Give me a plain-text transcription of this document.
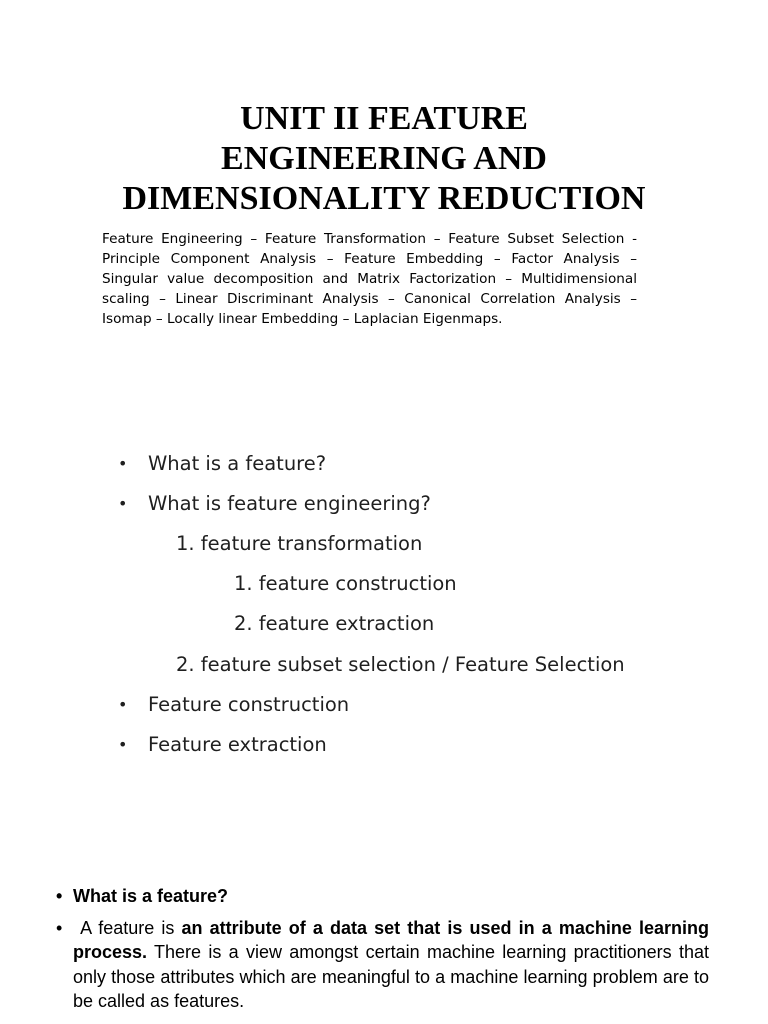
UNIT II FEATURE
ENGINEERING AND
DIMENSIONALITY REDUCTION

Feature Engineering – Feature Transformation – Feature Subset Selection - Principle Component Analysis – Feature Embedding – Factor Analysis – Singular value decomposition and Matrix Factorization – Multidimensional scaling – Linear Discriminant Analysis – Canonical Correlation Analysis – Isomap – Locally linear Embedding – Laplacian Eigenmaps.

• What is a feature?
• What is feature engineering?
1. feature transformation
1. feature construction
2. feature extraction
2. feature subset selection / Feature Selection
• Feature construction
• Feature extraction
• What is a feature?
• A feature is an attribute of a data set that is used in a machine learning process. There is a view amongst certain machine learning practitioners that only those attributes which are meaningful to a machine learning problem are to be called as features.
